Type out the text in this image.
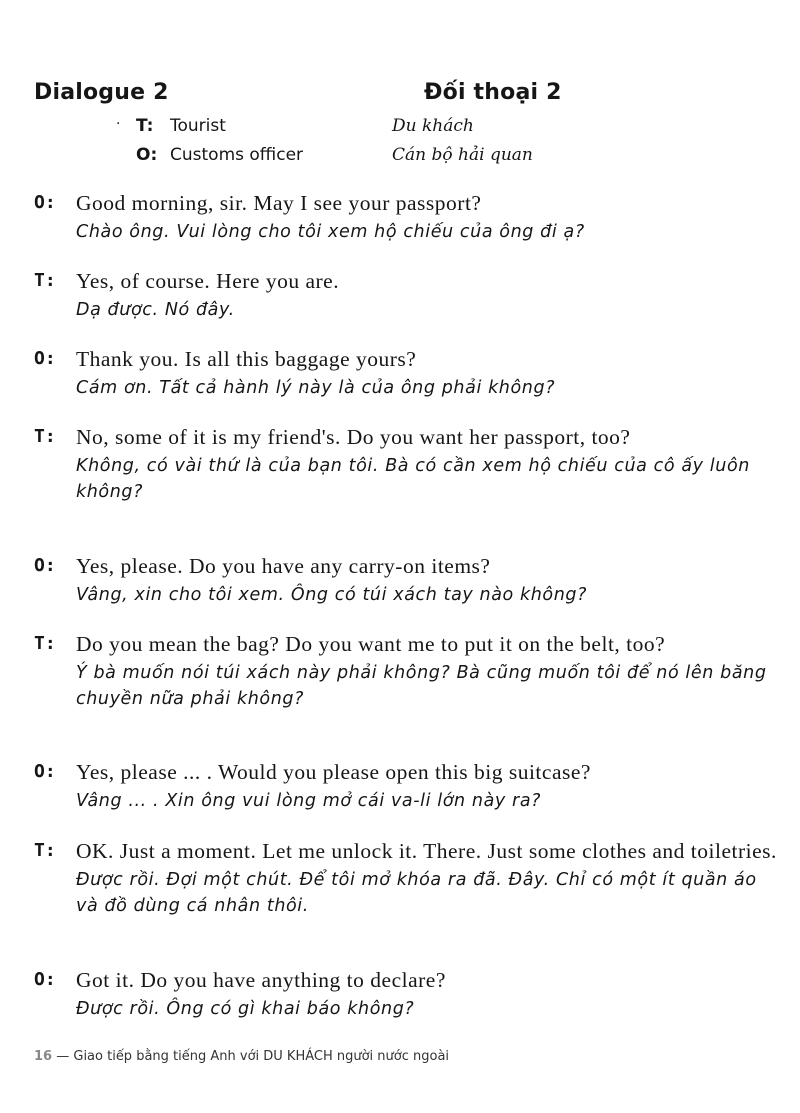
Dialogue 2	Đối thoại 2
· T: Tourist	Du khách
O: Customs officer	Cán bộ hải quan
O: Good morning, sir. May I see your passport?

Chào ông. Vui lòng cho tôi xem hộ chiếu của ông đi ạ?

T: Yes, of course. Here you are.

Dạ được. Nó đây.

O: Thank you. Is all this baggage yours?

Cám ơn. Tất cả hành lý này là của ông phải không?

T: No, some of it is my friend's. Do you want her passport, too?

Không, có vài thứ là của bạn tôi. Bà có cần xem hộ chiếu của cô ấy luôn không?

O: Yes, please. Do you have any carry-on items?

Vâng, xin cho tôi xem. Ông có túi xách tay nào không?

T: Do you mean the bag? Do you want me to put it on the belt, too?

Ý bà muốn nói túi xách này phải không? Bà cũng muốn tôi để nó lên băng chuyền nữa phải không?

O: Yes, please ... . Would you please open this big suitcase?

Vâng ... . Xin ông vui lòng mở cái va-li lớn này ra?

T: OK. Just a moment. Let me unlock it. There. Just some clothes and toiletries.

Được rồi. Đợi một chút. Để tôi mở khóa ra đã. Đây. Chỉ có một ít quần áo và đồ dùng cá nhân thôi.

O: Got it. Do you have anything to declare?

Được rồi. Ông có gì khai báo không?

16 — Giao tiếp bằng tiếng Anh với DU KHÁCH người nước ngoài
